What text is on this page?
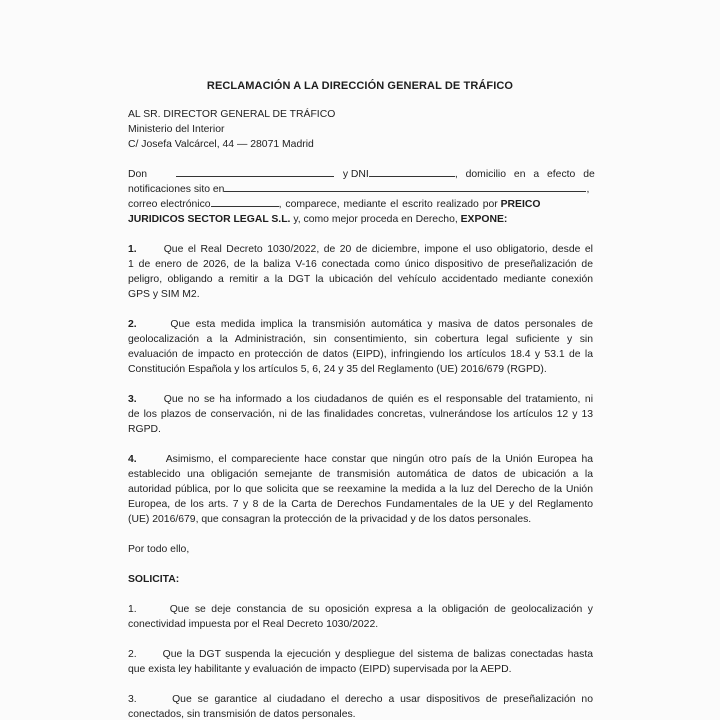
RECLAMACIÓN A LA DIRECCIÓN GENERAL DE TRÁFICO
AL SR. DIRECTOR GENERAL DE TRÁFICO
Ministerio del Interior
C/ Josefa Valcárcel, 44 — 28071 Madrid
Don	y DNI	, domicilio en a efecto de
notificaciones sito en	,
correo electrónico	, comparece, mediante el escrito realizado por PREICO
JURIDICOS SECTOR LEGAL S.L. y, como mejor proceda en Derecho, EXPONE:
1.	Que el Real Decreto 1030/2022, de 20 de diciembre, impone el uso obligatorio, desde el
1 de enero de 2026, de la baliza V-16 conectada como único dispositivo de preseñalización de
peligro, obligando a remitir a la DGT la ubicación del vehículo accidentado mediante conexión
GPS y SIM M2.
2.	Que esta medida implica la transmisión automática y masiva de datos personales de
geolocalización a la Administración, sin consentimiento, sin cobertura legal suficiente y sin
evaluación de impacto en protección de datos (EIPD), infringiendo los artículos 18.4 y 53.1 de la
Constitución Española y los artículos 5, 6, 24 y 35 del Reglamento (UE) 2016/679 (RGPD).
3.	Que no se ha informado a los ciudadanos de quién es el responsable del tratamiento, ni
de los plazos de conservación, ni de las finalidades concretas, vulnerándose los artículos 12 y 13
RGPD.
4.	Asimismo, el compareciente hace constar que ningún otro país de la Unión Europea ha
establecido una obligación semejante de transmisión automática de datos de ubicación a la
autoridad pública, por lo que solicita que se reexamine la medida a la luz del Derecho de la Unión
Europea, de los arts. 7 y 8 de la Carta de Derechos Fundamentales de la UE y del Reglamento
(UE) 2016/679, que consagran la protección de la privacidad y de los datos personales.
Por todo ello,
SOLICITA:
1.	Que se deje constancia de su oposición expresa a la obligación de geolocalización y
conectividad impuesta por el Real Decreto 1030/2022.
2. Que la DGT suspenda la ejecución y despliegue del sistema de balizas conectadas hasta
que exista ley habilitante y evaluación de impacto (EIPD) supervisada por la AEPD.
3.	Que se garantice al ciudadano el derecho a usar dispositivos de preseñalización no
conectados, sin transmisión de datos personales.
